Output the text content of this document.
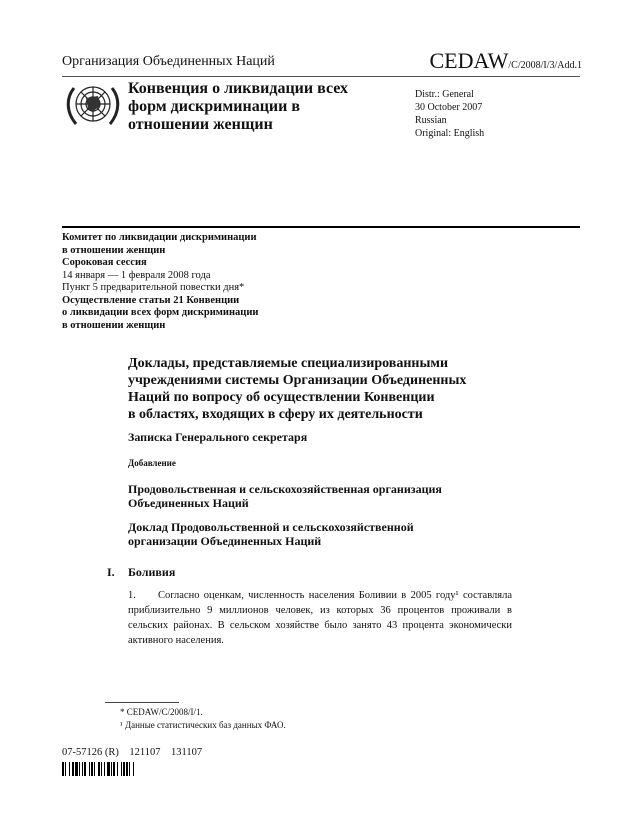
Организация Объединенных Наций	CEDAW/C/2008/I/3/Add.1
Конвенция о ликвидации всех
форм дискриминации в
отношении женщин
Distr.: General
30 October 2007
Russian
Original: English
Комитет по ликвидации дискриминации
в отношении женщин
Сороковая сессия
14 января — 1 февраля 2008 года
Пункт 5 предварительной повестки дня*
Осуществление статьи 21 Конвенции
о ликвидации всех форм дискриминации
в отношении женщин
Доклады, представляемые специализированными
учреждениями системы Организации Объединенных
Наций по вопросу об осуществлении Конвенции
в областях, входящих в сферу их деятельности
Записка Генерального секретаря
Добавление
Продовольственная и сельскохозяйственная организация
Объединенных Наций
Доклад Продовольственной и сельскохозяйственной
организации Объединенных Наций
I. Боливия
1. Согласно оценкам, численность населения Боливии в 2005 году¹ составляла приблизительно 9 миллионов человек, из которых 36 процентов проживали в сельских районах. В сельском хозяйстве было занято 43 процента экономически активного населения.
* CEDAW/C/2008/I/1.
¹ Данные статистических баз данных ФАО.
07-57126 (R)    121107    131107
